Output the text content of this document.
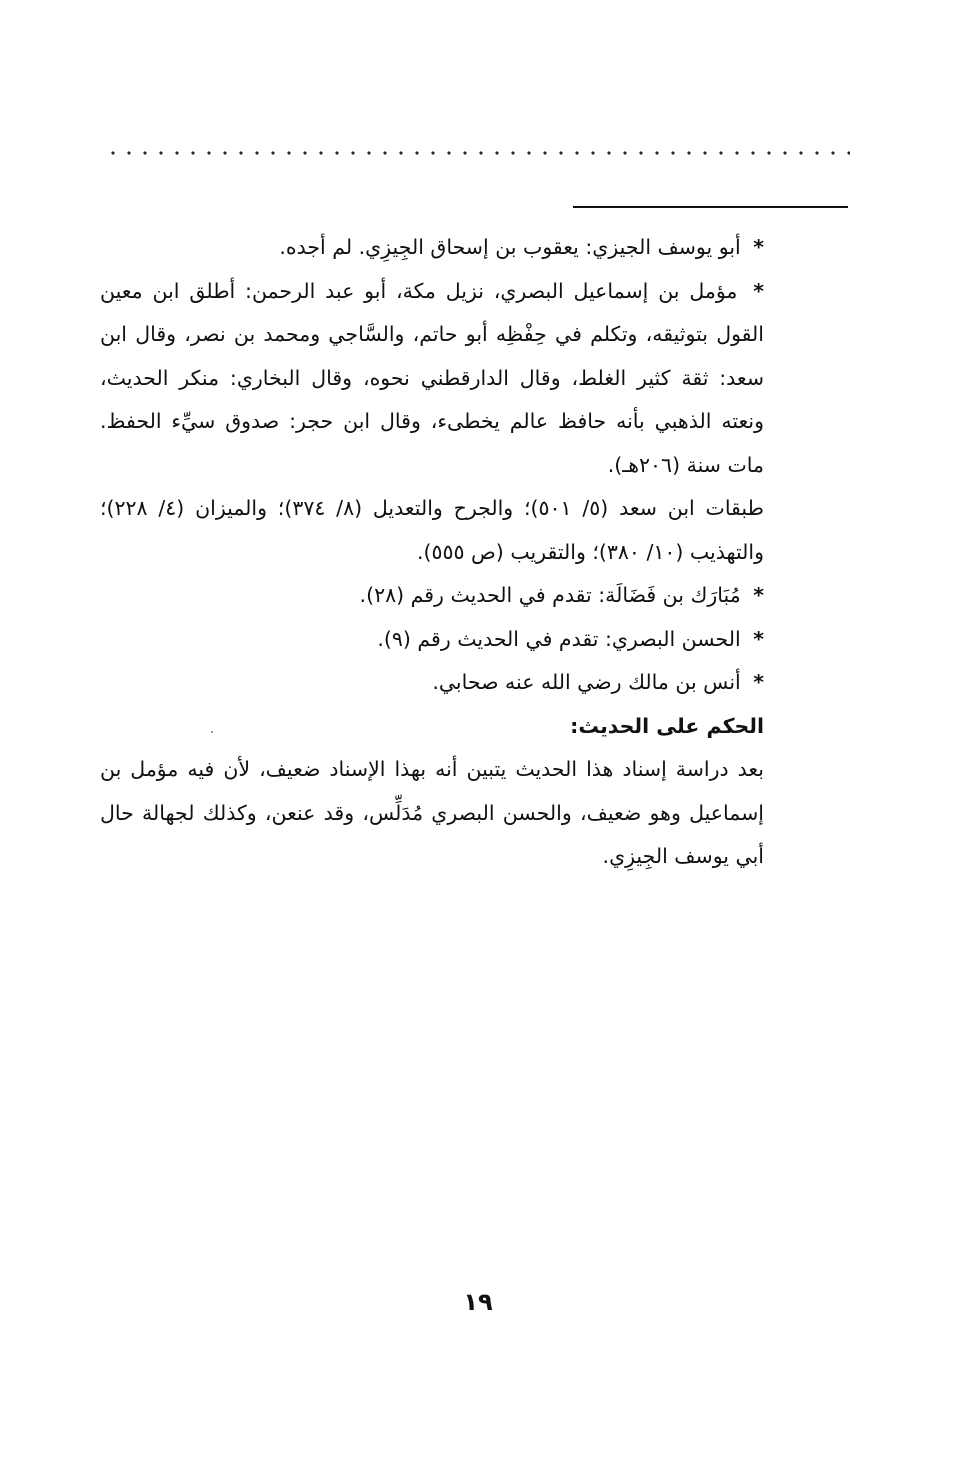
* أبو يوسف الجيزي: يعقوب بن إسحاق الجِيزِي. لم أجده.

* مؤمل بن إسماعيل البصري، نزيل مكة، أبو عبد الرحمن: أطلق ابن معين القول بتوثيقه، وتكلم في حِفْظِه أبو حاتم، والسَّاجي ومحمد بن نصر، وقال ابن سعد: ثقة كثير الغلط، وقال الدارقطني نحوه، وقال البخاري: منكر الحديث، ونعته الذهبي بأنه حافظ عالم يخطىء، وقال ابن حجر: صدوق سيِّء الحفظ. مات سنة (٢٠٦هـ).

طبقات ابن سعد (٥/ ٥٠١)؛ والجرح والتعديل (٨/ ٣٧٤)؛ والميزان (٤/ ٢٢٨)؛ والتهذيب (١٠/ ٣٨٠)؛ والتقريب (ص ٥٥٥).

* مُبَارَك بن فَضَالَة: تقدم في الحديث رقم (٢٨).

* الحسن البصري: تقدم في الحديث رقم (٩).

* أنس بن مالك رضي الله عنه صحابي.

الحكم على الحديث:

بعد دراسة إسناد هذا الحديث يتبين أنه بهذا الإسناد ضعيف، لأن فيه مؤمل بن إسماعيل وهو ضعيف، والحسن البصري مُدَلِّس، وقد عنعن، وكذلك لجهالة حال أبي يوسف الجِيزِي.

١٩
